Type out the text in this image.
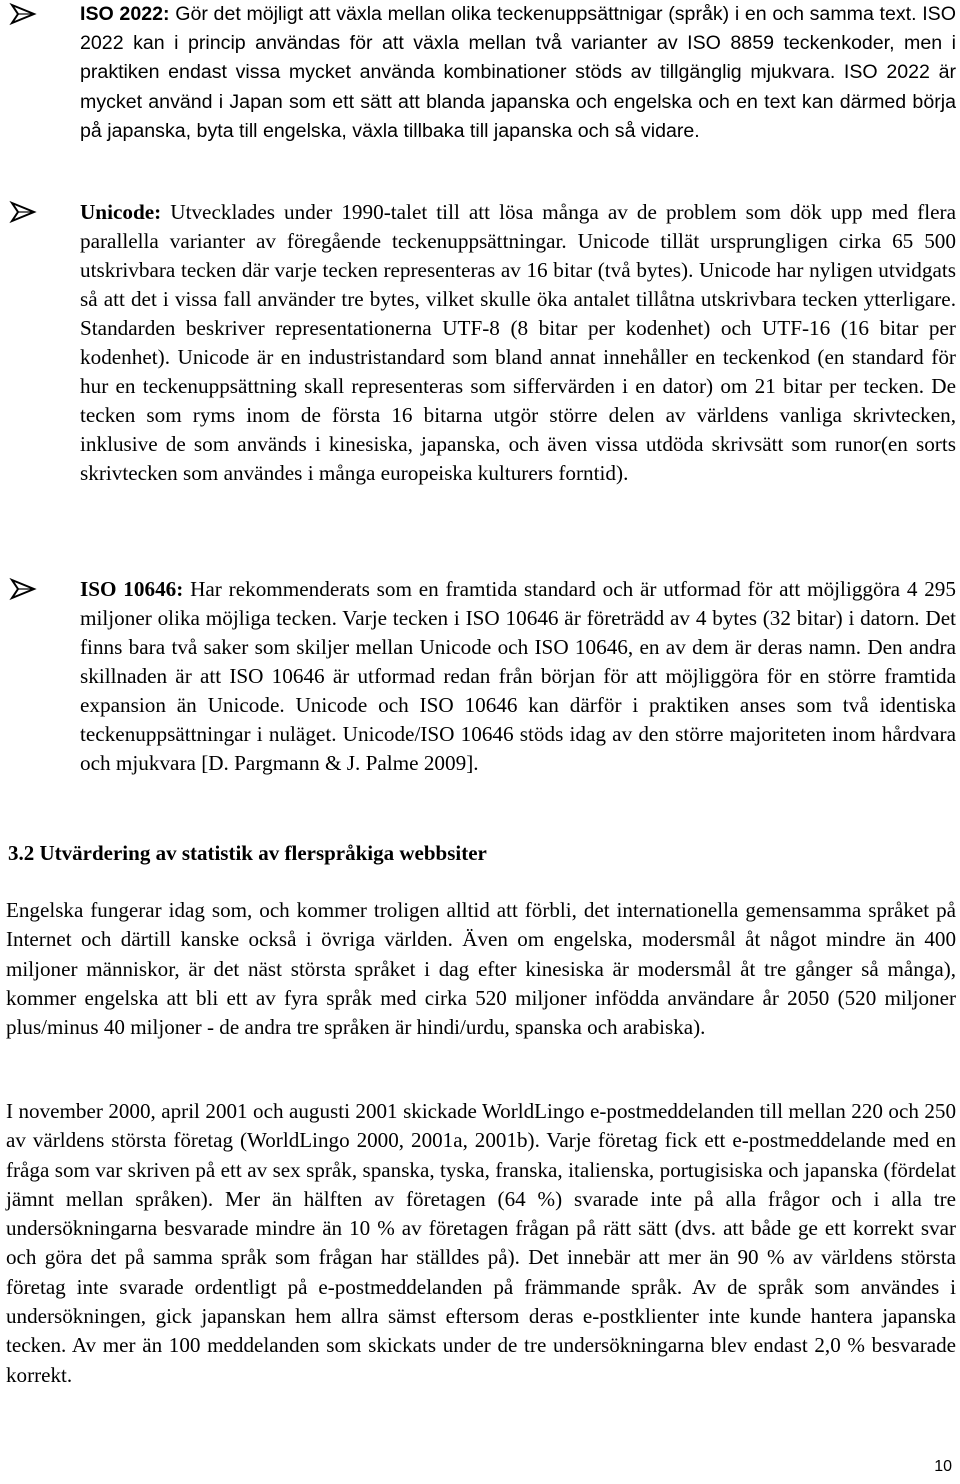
ISO 2022: Gör det möjligt att växla mellan olika teckenuppsättnigar (språk) i en och samma text. ISO 2022 kan i princip användas för att växla mellan två varianter av ISO 8859 teckenkoder, men i praktiken endast vissa mycket använda kombinationer stöds av tillgänglig mjukvara. ISO 2022 är mycket använd i Japan som ett sätt att blanda japanska och engelska och en text kan därmed börja på japanska, byta till engelska, växla tillbaka till japanska och så vidare.

Unicode: Utvecklades under 1990-talet till att lösa många av de problem som dök upp med flera parallella varianter av föregående teckenuppsättningar. Unicode tillät ursprungligen cirka 65 500 utskrivbara tecken där varje tecken representeras av 16 bitar (två bytes). Unicode har nyligen utvidgats så att det i vissa fall använder tre bytes, vilket skulle öka antalet tillåtna utskrivbara tecken ytterligare. Standarden beskriver representationerna UTF-8 (8 bitar per kodenhet) och UTF-16 (16 bitar per kodenhet). Unicode är en industristandard som bland annat innehåller en teckenkod (en standard för hur en teckenuppsättning skall representeras som siffervärden i en dator) om 21 bitar per tecken. De tecken som ryms inom de första 16 bitarna utgör större delen av världens vanliga skrivtecken, inklusive de som används i kinesiska, japanska, och även vissa utdöda skrivsätt som runor(en sorts skrivtecken som användes i många europeiska kulturers forntid).

ISO 10646: Har rekommenderats som en framtida standard och är utformad för att möjliggöra 4 295 miljoner olika möjliga tecken. Varje tecken i ISO 10646 är företrädd av 4 bytes (32 bitar) i datorn. Det finns bara två saker som skiljer mellan Unicode och ISO 10646, en av dem är deras namn. Den andra skillnaden är att ISO 10646 är utformad redan från början för att möjliggöra för en större framtida expansion än Unicode. Unicode och ISO 10646 kan därför i praktiken anses som två identiska teckenuppsättningar i nuläget. Unicode/ISO 10646 stöds idag av den större majoriteten inom hårdvara och mjukvara [D. Pargmann & J. Palme 2009].

3.2 Utvärdering av statistik av flerspråkiga webbsiter

Engelska fungerar idag som, och kommer troligen alltid att förbli, det internationella gemensamma språket på Internet och därtill kanske också i övriga världen. Även om engelska, modersmål åt något mindre än 400 miljoner människor, är det näst största språket i dag efter kinesiska är modersmål åt tre gånger så många), kommer engelska att bli ett av fyra språk med cirka 520 miljoner infödda användare år 2050 (520 miljoner plus/minus 40 miljoner - de andra tre språken är hindi/urdu, spanska och arabiska).

I november 2000, april 2001 och augusti 2001 skickade WorldLingo e-postmeddelanden till mellan 220 och 250 av världens största företag (WorldLingo 2000, 2001a, 2001b). Varje företag fick ett e-postmeddelande med en fråga som var skriven på ett av sex språk, spanska, tyska, franska, italienska, portugisiska och japanska (fördelat jämnt mellan språken). Mer än hälften av företagen (64 %) svarade inte på alla frågor och i alla tre undersökningarna besvarade mindre än 10 % av företagen frågan på rätt sätt (dvs. att både ge ett korrekt svar och göra det på samma språk som frågan har ställdes på). Det innebär att mer än 90 % av världens största företag inte svarade ordentligt på e-postmeddelanden på främmande språk. Av de språk som användes i undersökningen, gick japanskan hem allra sämst eftersom deras e-postklienter inte kunde hantera japanska tecken. Av mer än 100 meddelanden som skickats under de tre undersökningarna blev endast 2,0 % besvarade korrekt.

10
